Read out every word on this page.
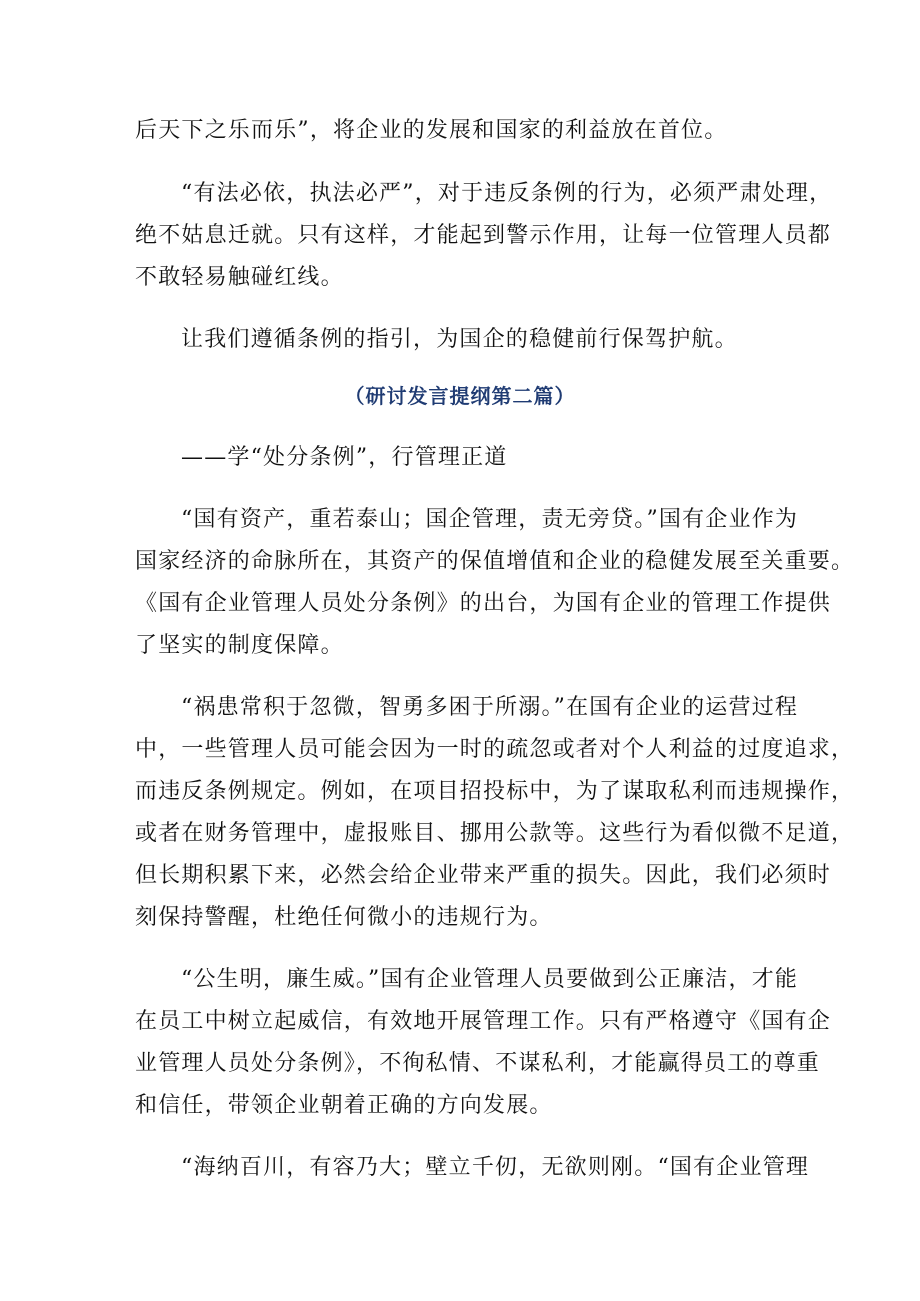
后天下之乐而乐”，将企业的发展和国家的利益放在首位。
“有法必依，执法必严”，对于违反条例的行为，必须严肃处理，
绝不姑息迁就。只有这样，才能起到警示作用，让每一位管理人员都
不敢轻易触碰红线。
让我们遵循条例的指引，为国企的稳健前行保驾护航。
（研讨发言提纲第二篇）
——学“处分条例”，行管理正道
“国有资产，重若泰山；国企管理，责无旁贷。”国有企业作为
国家经济的命脉所在，其资产的保值增值和企业的稳健发展至关重要。
《国有企业管理人员处分条例》的出台，为国有企业的管理工作提供
了坚实的制度保障。
“祸患常积于忽微，智勇多困于所溺。”在国有企业的运营过程
中，一些管理人员可能会因为一时的疏忽或者对个人利益的过度追求，
而违反条例规定。例如，在项目招投标中，为了谋取私利而违规操作，
或者在财务管理中，虚报账目、挪用公款等。这些行为看似微不足道，
但长期积累下来，必然会给企业带来严重的损失。因此，我们必须时
刻保持警醒，杜绝任何微小的违规行为。
“公生明，廉生威。”国有企业管理人员要做到公正廉洁，才能
在员工中树立起威信，有效地开展管理工作。只有严格遵守《国有企
业管理人员处分条例》，不徇私情、不谋私利，才能赢得员工的尊重
和信任，带领企业朝着正确的方向发展。
“海纳百川，有容乃大；壁立千仞，无欲则刚。“国有企业管理
